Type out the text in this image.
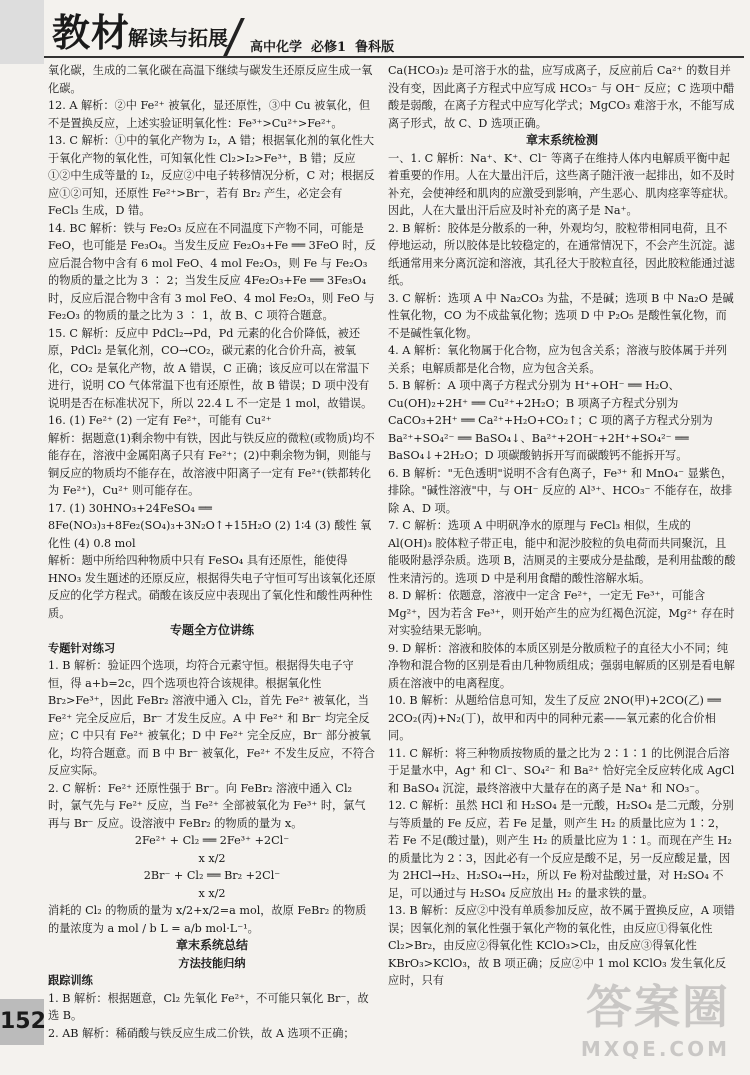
教材
解读与拓展 高中化学  必修1  鲁科版

氧化碳，生成的二氧化碳在高温下继续与碳发生还原反应生成一氧化碳。

12. A 解析：②中 Fe²⁺ 被氧化，显还原性，③中 Cu 被氧化，但不是置换反应，上述实验证明氧化性：Fe³⁺>Cu²⁺>Fe²⁺。

13. C 解析：①中的氧化产物为 I₂，A 错；根据氧化剂的氧化性大于氧化产物的氧化性，可知氧化性 Cl₂>I₂>Fe³⁺，B 错；反应①②中生成等量的 I₂，反应②中电子转移情况分析，C 对；根据反应①②可知，还原性 Fe²⁺>Br⁻，若有 Br₂ 产生，必定会有 FeCl₃ 生成，D 错。

14. BC 解析：铁与 Fe₂O₃ 反应在不同温度下产物不同，可能是 FeO，也可能是 Fe₃O₄。当发生反应 Fe₂O₃+Fe ══ 3FeO 时，反应后混合物中含有 6 mol FeO、4 mol Fe₂O₃，则 Fe 与 Fe₂O₃ 的物质的量之比为 3 ∶ 2；当发生反应 4Fe₂O₃+Fe ══ 3Fe₃O₄ 时，反应后混合物中含有 3 mol FeO、4 mol Fe₂O₃，则 FeO 与 Fe₂O₃ 的物质的量之比为 3 ∶ 1，故 B、C 项符合题意。

15. C 解析：反应中 PdCl₂→Pd，Pd 元素的化合价降低，被还原，PdCl₂ 是氧化剂，CO→CO₂，碳元素的化合价升高，被氧化，CO₂ 是氧化产物，故 A 错误，C 正确；该反应可以在常温下进行，说明 CO 气体常温下也有还原性，故 B 错误；D 项中没有说明是否在标准状况下，所以 22.4 L 不一定是 1 mol，故错误。

16. (1) Fe²⁺ (2) 一定有 Fe²⁺，可能有 Cu²⁺

解析：据题意(1)剩余物中有铁，因此与铁反应的微粒(或物质)均不能存在，溶液中金属阳离子只有 Fe²⁺；(2)中剩余物为铜，则能与铜反应的物质均不能存在，故溶液中阳离子一定有 Fe²⁺(铁都转化为 Fe²⁺)，Cu²⁺ 则可能存在。

17. (1) 30HNO₃+24FeSO₄ ══ 8Fe(NO₃)₃+8Fe₂(SO₄)₃+3N₂O↑+15H₂O (2) 1∶4 (3) 酸性 氧化性 (4) 0.8 mol

解析：题中所给四种物质中只有 FeSO₄ 具有还原性，能使得 HNO₃ 发生题述的还原反应，根据得失电子守恒可写出该氧化还原反应的化学方程式。硝酸在该反应中表现出了氧化性和酸性两种性质。

专题全方位讲练

专题针对练习

1. B 解析：验证四个选项，均符合元素守恒。根据得失电子守恒，得 a+b=2c，四个选项也符合该规律。根据氧化性 Br₂>Fe³⁺，因此 FeBr₂ 溶液中通入 Cl₂，首先 Fe²⁺ 被氧化，当 Fe²⁺ 完全反应后，Br⁻ 才发生反应。A 中 Fe²⁺ 和 Br⁻ 均完全反应；C 中只有 Fe²⁺ 被氧化；D 中 Fe²⁺ 完全反应，Br⁻ 部分被氧化，均符合题意。而 B 中 Br⁻ 被氧化，Fe²⁺ 不发生反应，不符合反应实际。

2. C 解析：Fe²⁺ 还原性强于 Br⁻。向 FeBr₂ 溶液中通入 Cl₂ 时，氯气先与 Fe²⁺ 反应，当 Fe²⁺ 全部被氧化为 Fe³⁺ 时，氯气再与 Br⁻ 反应。设溶液中 FeBr₂ 的物质的量为 x。

2Fe²⁺ + Cl₂ ══ 2Fe³⁺ +2Cl⁻

x x/2

2Br⁻ + Cl₂ ══ Br₂ +2Cl⁻

x x/2

消耗的 Cl₂ 的物质的量为 x/2+x/2=a mol，故原 FeBr₂ 的物质的量浓度为 a mol / b L = a/b mol·L⁻¹。

章末系统总结

方法技能归纳

跟踪训练

1. B 解析：根据题意，Cl₂ 先氧化 Fe²⁺，不可能只氧化 Br⁻，故选 B。

2. AB 解析：稀硝酸与铁反应生成二价铁，故 A 选项不正确；

Ca(HCO₃)₂ 是可溶于水的盐，应写成离子，反应前后 Ca²⁺ 的数目并没有变，因此离子方程式中应写成 HCO₃⁻ 与 OH⁻ 反应；C 选项中醋酸是弱酸，在离子方程式中应写化学式；MgCO₃ 难溶于水，不能写成离子形式，故 C、D 选项正确。

章末系统检测

一、1. C 解析：Na⁺、K⁺、Cl⁻ 等离子在维持人体内电解质平衡中起着重要的作用。人在大量出汗后，这些离子随汗液一起排出，如不及时补充，会使神经和肌肉的应激受到影响，产生恶心、肌肉痉挛等症状。因此，人在大量出汗后应及时补充的离子是 Na⁺。

2. B 解析：胶体是分散系的一种，外观均匀，胶粒带相同电荷，且不停地运动，所以胶体是比较稳定的，在通常情况下，不会产生沉淀。滤纸通常用来分离沉淀和溶液，其孔径大于胶粒直径，因此胶粒能通过滤纸。

3. C 解析：选项 A 中 Na₂CO₃ 为盐，不是碱；选项 B 中 Na₂O 是碱性氧化物，CO 为不成盐氧化物；选项 D 中 P₂O₅ 是酸性氧化物，而不是碱性氧化物。

4. A 解析：氧化物属于化合物，应为包含关系；溶液与胶体属于并列关系；电解质都是化合物，应为包含关系。

5. B 解析：A 项中离子方程式分别为 H⁺+OH⁻ ══ H₂O、Cu(OH)₂+2H⁺ ══ Cu²⁺+2H₂O；B 项离子方程式分别为 CaCO₃+2H⁺ ══ Ca²⁺+H₂O+CO₂↑；C 项的离子方程式分别为 Ba²⁺+SO₄²⁻ ══ BaSO₄↓、Ba²⁺+2OH⁻+2H⁺+SO₄²⁻ ══ BaSO₄↓+2H₂O；D 项碳酸钠拆开写而碳酸钙不能拆开写。

6. B 解析："无色透明"说明不含有色离子，Fe³⁺ 和 MnO₄⁻ 显紫色，排除。"碱性溶液"中，与 OH⁻ 反应的 Al³⁺、HCO₃⁻ 不能存在，故排除 A、D 项。

7. C 解析：选项 A 中明矾净水的原理与 FeCl₃ 相似，生成的 Al(OH)₃ 胶体粒子带正电，能中和泥沙胶粒的负电荷而共同聚沉，且能吸附悬浮杂质。选项 B，洁厕灵的主要成分是盐酸，是利用盐酸的酸性来清污的。选项 D 中是利用食醋的酸性溶解水垢。

8. D 解析：依题意，溶液中一定含 Fe²⁺，一定无 Fe³⁺，可能含 Mg²⁺，因为若含 Fe³⁺，则开始产生的应为红褐色沉淀，Mg²⁺ 存在时对实验结果无影响。

9. D 解析：溶液和胶体的本质区别是分散质粒子的直径大小不同；纯净物和混合物的区别是看由几种物质组成；强弱电解质的区别是看电解质在溶液中的电离程度。

10. B 解析：从题给信息可知，发生了反应 2NO(甲)+2CO(乙) ══ 2CO₂(丙)+N₂(丁)，故甲和丙中的同种元素——氧元素的化合价相同。

11. C 解析：将三种物质按物质的量之比为 2∶1∶1 的比例混合后溶于足量水中，Ag⁺ 和 Cl⁻、SO₄²⁻ 和 Ba²⁺ 恰好完全反应转化成 AgCl 和 BaSO₄ 沉淀，最终溶液中大量存在的离子是 Na⁺ 和 NO₃⁻。

12. C 解析：虽然 HCl 和 H₂SO₄ 是一元酸，H₂SO₄ 是二元酸，分别与等质量的 Fe 反应，若 Fe 足量，则产生 H₂ 的质量比应为 1∶2，若 Fe 不足(酸过量)，则产生 H₂ 的质量比应为 1∶1。而现在产生 H₂ 的质量比为 2∶3，因此必有一个反应是酸不足，另一反应酸足量，因为 2HCl→H₂、H₂SO₄→H₂，所以 Fe 粉对盐酸过量，对 H₂SO₄ 不足，可以通过与 H₂SO₄ 反应放出 H₂ 的量求铁的量。

13. B 解析：反应②中没有单质参加反应，故不属于置换反应，A 项错误；因氧化剂的氧化性强于氧化产物的氧化性，由反应①得氧化性 Cl₂>Br₂，由反应②得氧化性 KClO₃>Cl₂，由反应③得氧化性 KBrO₃>KClO₃，故 B 项正确；反应②中 1 mol KClO₃ 发生氧化反应时，只有

152	答案圈
MXQE.COM
